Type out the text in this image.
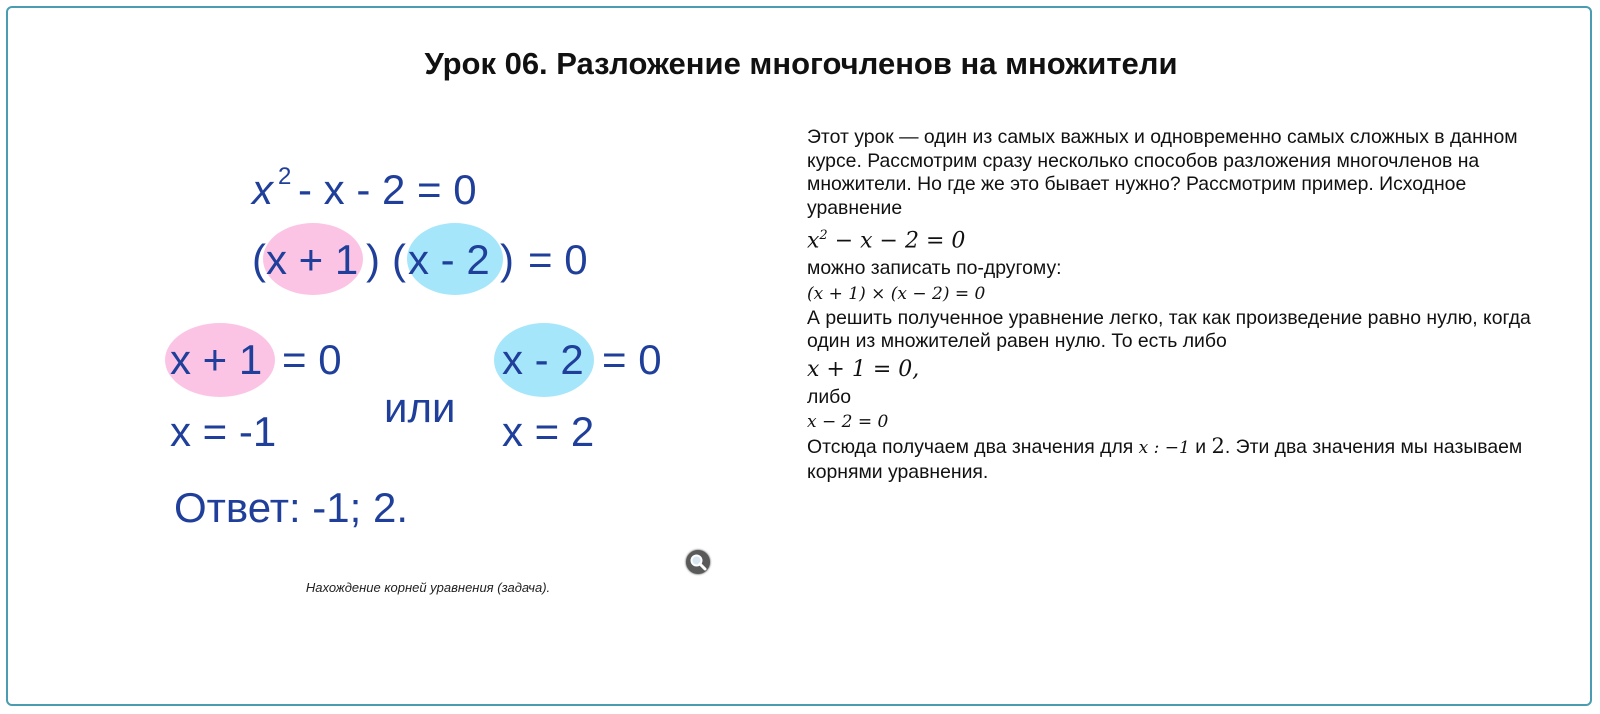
Урок 06. Разложение многочленов на множители
x 2 - x - 2 = 0
( x + 1 ) ( x - 2 ) = 0
x + 1 = 0
x = -1
или
x - 2 = 0
x = 2
Ответ: -1; 2.
Нахождение корней уравнения (задача).

Этот урок — один из самых важных и одновременно самых сложных в данном курсе. Рассмотрим сразу несколько способов разложения многочленов на множители. Но где же это бывает нужно? Рассмотрим пример. Исходное уравнение

$x^2 - x - 2 = 0$

можно записать по-другому:

(x + 1) × (x − 2) = 0

А решить полученное уравнение легко, так как произведение равно нулю, когда один из множителей равен нулю. То есть либо

x + 1 = 0,

либо

x − 2 = 0

Отсюда получаем два значения для x : −1 и 2. Эти два значения мы называем корнями уравнения.
